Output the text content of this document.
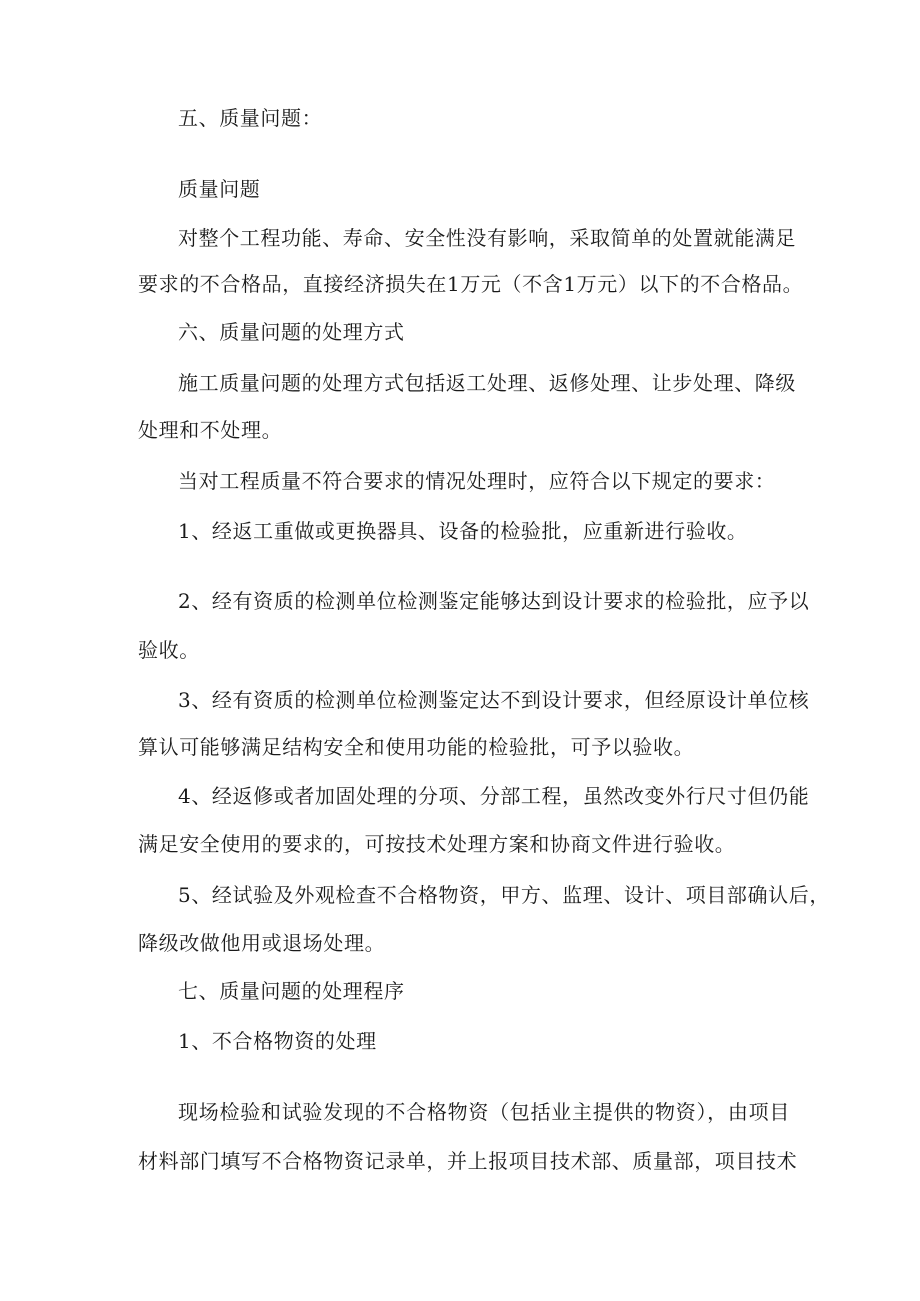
五、质量问题：
质量问题
对整个工程功能、寿命、安全性没有影响，采取简单的处置就能满足
要求的不合格品，直接经济损失在1万元（不含1万元）以下的不合格品。
六、质量问题的处理方式
施工质量问题的处理方式包括返工处理、返修处理、让步处理、降级
处理和不处理。
当对工程质量不符合要求的情况处理时，应符合以下规定的要求：
1、经返工重做或更换器具、设备的检验批，应重新进行验收。
2、经有资质的检测单位检测鉴定能够达到设计要求的检验批，应予以
验收。
3、经有资质的检测单位检测鉴定达不到设计要求，但经原设计单位核
算认可能够满足结构安全和使用功能的检验批，可予以验收。
4、经返修或者加固处理的分项、分部工程，虽然改变外行尺寸但仍能
满足安全使用的要求的，可按技术处理方案和协商文件进行验收。
5、经试验及外观检查不合格物资，甲方、监理、设计、项目部确认后，
降级改做他用或退场处理。
七、质量问题的处理程序
1、不合格物资的处理
现场检验和试验发现的不合格物资（包括业主提供的物资），由项目
材料部门填写不合格物资记录单，并上报项目技术部、质量部，项目技术
